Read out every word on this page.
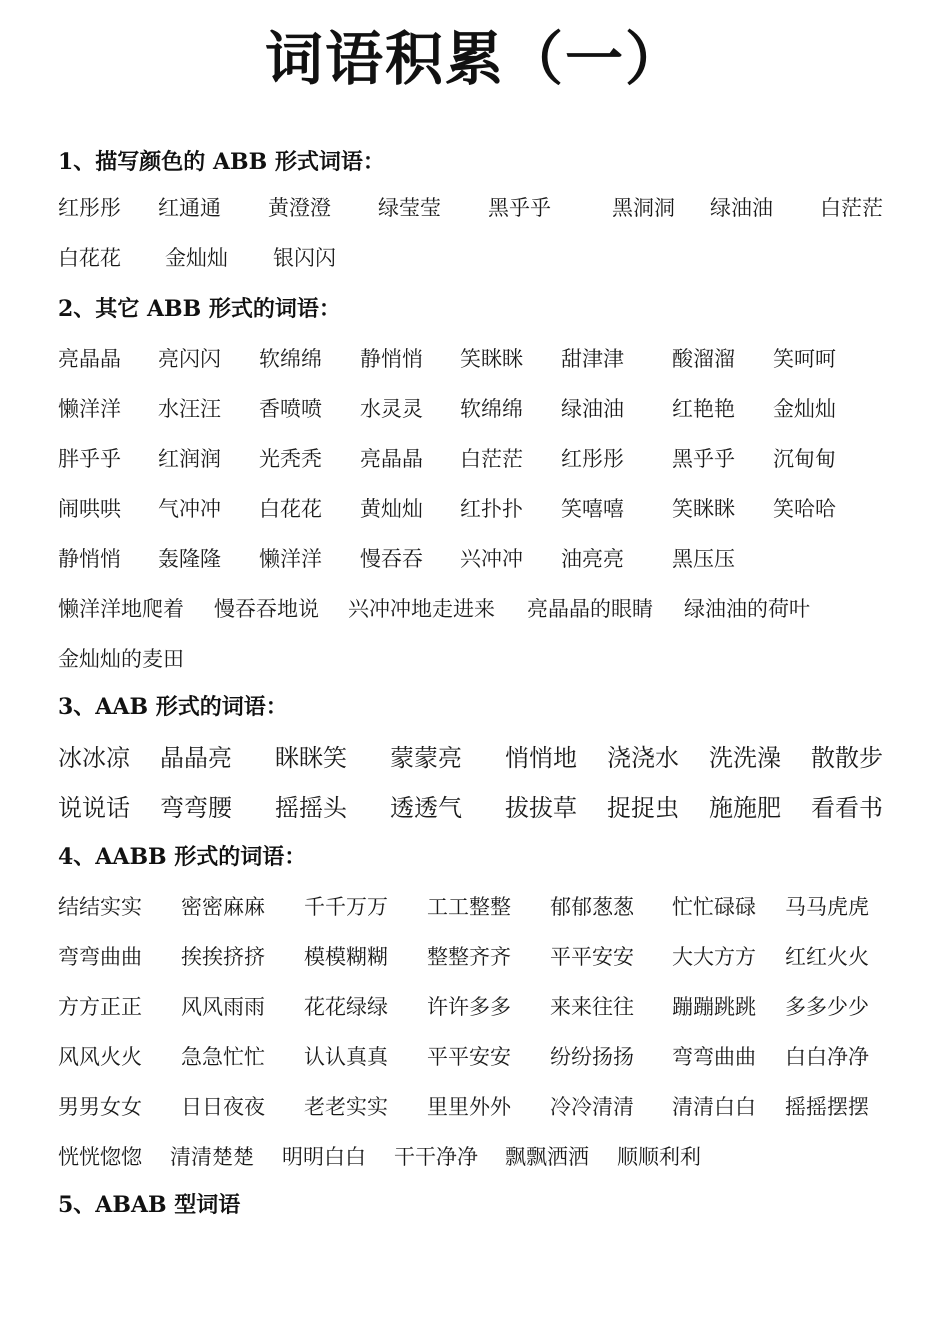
词语积累（一）
1、描写颜色的 ABB 形式词语：
红彤彤 红通通 黄澄澄 绿莹莹 黑乎乎	黑洞洞 绿油油 白茫茫
白花花 金灿灿 银闪闪
2、其它 ABB 形式的词语：
亮晶晶 亮闪闪 软绵绵 静悄悄 笑眯眯 甜津津 酸溜溜 笑呵呵
懒洋洋 水汪汪 香喷喷 水灵灵 软绵绵 绿油油 红艳艳 金灿灿
胖乎乎 红润润 光秃秃 亮晶晶 白茫茫 红彤彤 黑乎乎 沉甸甸
闹哄哄 气冲冲 白花花 黄灿灿 红扑扑 笑嘻嘻 笑眯眯 笑哈哈
静悄悄 轰隆隆 懒洋洋 慢吞吞 兴冲冲 油亮亮 黑压压
懒洋洋地爬着 慢吞吞地说 兴冲冲地走进来 亮晶晶的眼睛 绿油油的荷叶
金灿灿的麦田
3、AAB 形式的词语：
冰冰凉 晶晶亮 眯眯笑 蒙蒙亮 悄悄地 浇浇水 洗洗澡 散散步
说说话 弯弯腰 摇摇头 透透气 拔拔草 捉捉虫 施施肥 看看书
4、AABB 形式的词语：
结结实实 密密麻麻 千千万万 工工整整 郁郁葱葱 忙忙碌碌 马马虎虎
弯弯曲曲 挨挨挤挤 模模糊糊 整整齐齐 平平安安 大大方方 红红火火
方方正正 风风雨雨 花花绿绿 许许多多 来来往往 蹦蹦跳跳 多多少少
风风火火 急急忙忙 认认真真 平平安安 纷纷扬扬 弯弯曲曲 白白净净
男男女女 日日夜夜 老老实实 里里外外 冷冷清清 清清白白 摇摇摆摆
恍恍惚惚 清清楚楚 明明白白 干干净净 飘飘洒洒 顺顺利利
5、ABAB 型词语
